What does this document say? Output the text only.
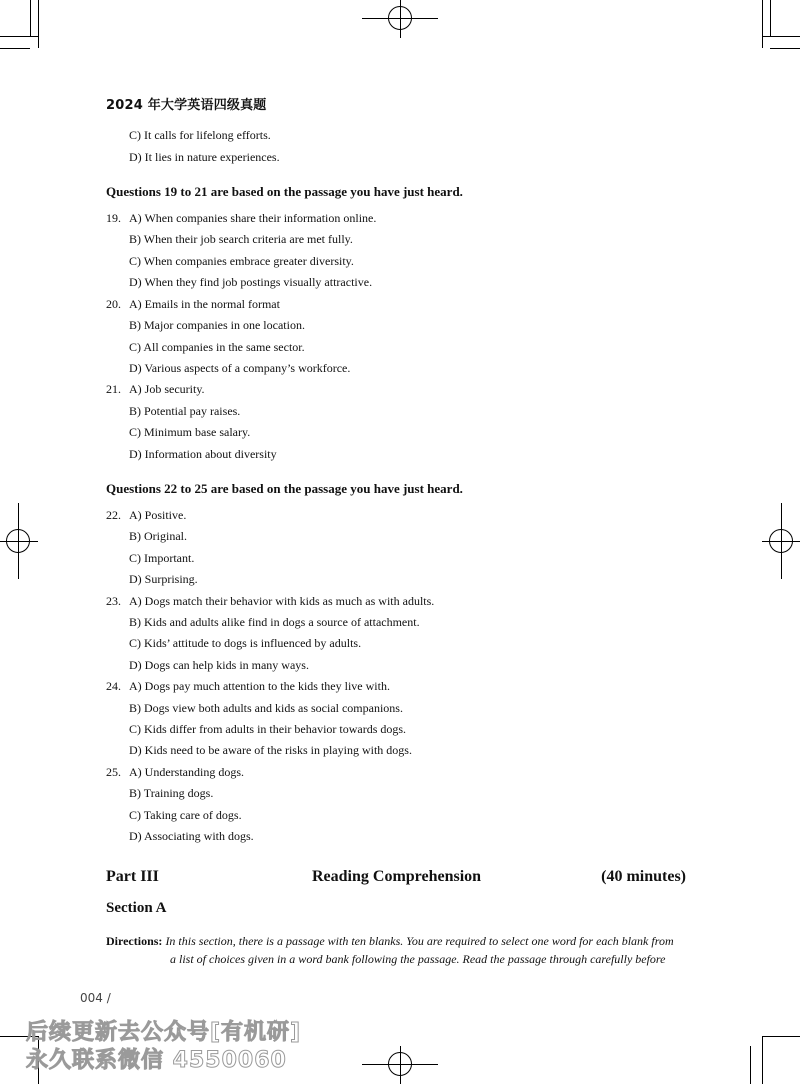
2024 年大学英语四级真题
C) It calls for lifelong efforts.
D) It lies in nature experiences.
Questions 19 to 21 are based on the passage you have just heard.
19. A) When companies share their information online.
B) When their job search criteria are met fully.
C) When companies embrace greater diversity.
D) When they find job postings visually attractive.
20. A) Emails in the normal format
B) Major companies in one location.
C) All companies in the same sector.
D) Various aspects of a company’s workforce.
21. A) Job security.
B) Potential pay raises.
C) Minimum base salary.
D) Information about diversity
Questions 22 to 25 are based on the passage you have just heard.
22. A) Positive.
B) Original.
C) Important.
D) Surprising.
23. A) Dogs match their behavior with kids as much as with adults.
B) Kids and adults alike find in dogs a source of attachment.
C) Kids’ attitude to dogs is influenced by adults.
D) Dogs can help kids in many ways.
24. A) Dogs pay much attention to the kids they live with.
B) Dogs view both adults and kids as social companions.
C) Kids differ from adults in their behavior towards dogs.
D) Kids need to be aware of the risks in playing with dogs.
25. A) Understanding dogs.
B) Training dogs.
C) Taking care of dogs.
D) Associating with dogs.
Part III	Reading Comprehension	(40 minutes)
Section A
Directions: In this section, there is a passage with ten blanks. You are required to select one word for each blank from
a list of choices given in a word bank following the passage. Read the passage through carefully before
004 /
后续更新去公众号[有机研]
永久联系微信 4550060
